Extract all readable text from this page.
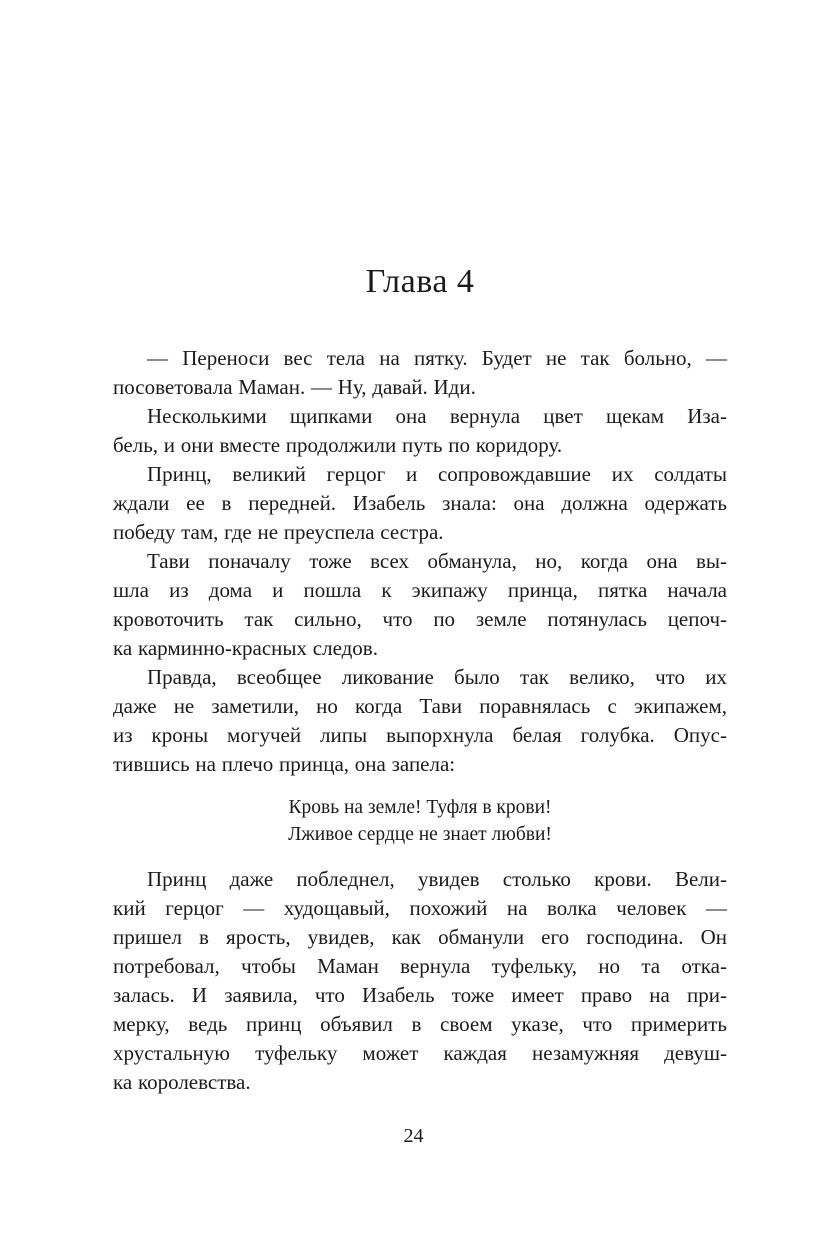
Глава 4
— Переноси вес тела на пятку. Будет не так больно, —
посоветовала Маман. — Ну, давай. Иди.
Несколькими щипками она вернула цвет щекам Иза-
бель, и они вместе продолжили путь по коридору.
Принц, великий герцог и сопровождавшие их солдаты
ждали ее в передней. Изабель знала: она должна одержать
победу там, где не преуспела сестра.
Тави поначалу тоже всех обманула, но, когда она вы-
шла из дома и пошла к экипажу принца, пятка начала
кровоточить так сильно, что по земле потянулась цепоч-
ка карминно-красных следов.
Правда, всеобщее ликование было так велико, что их
даже не заметили, но когда Тави поравнялась с экипажем,
из кроны могучей липы выпорхнула белая голубка. Опус-
тившись на плечо принца, она запела:
Кровь на земле! Туфля в крови!
Лживое сердце не знает любви!
Принц даже побледнел, увидев столько крови. Вели-
кий герцог — худощавый, похожий на волка человек —
пришел в ярость, увидев, как обманули его господина. Он
потребовал, чтобы Маман вернула туфельку, но та отка-
залась. И заявила, что Изабель тоже имеет право на при-
мерку, ведь принц объявил в своем указе, что примерить
хрустальную туфельку может каждая незамужняя девуш-
ка королевства.
24
